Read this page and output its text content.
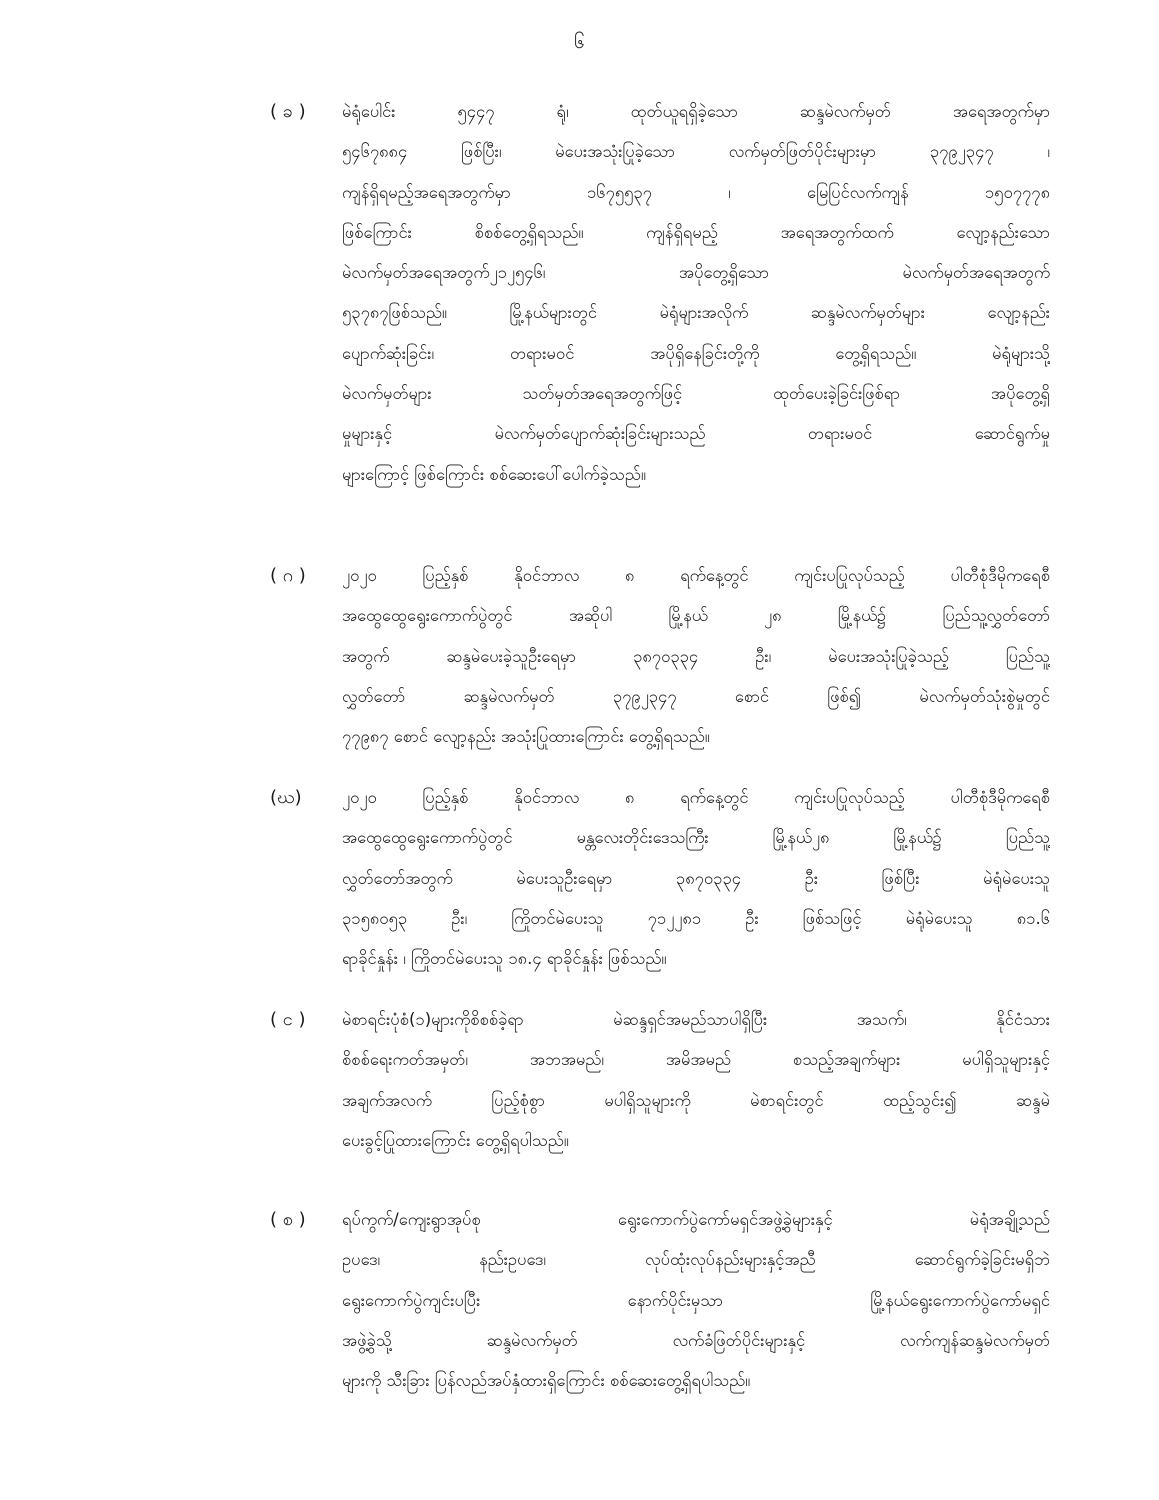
၆
( ခ )	မဲရုံပေါင်း ၅၄၄၇ ရုံ၊ ထုတ်ယူရရှိခဲ့သော ဆန္ဒမဲလက်မှတ် အရေအတွက်မှာ
၅၄၆၇၈၈၄ ဖြစ်ပြီး၊ မဲပေးအသုံးပြုခဲ့သော လက်မှတ်ဖြတ်ပိုင်းများမှာ ၃၇၉၂၃၄၇ ၊
ကျန်ရှိရမည့်အရေအတွက်မှာ ၁၆၇၅၅၃၇ ၊ မြေပြင်လက်ကျန် ၁၅၀၇၇၇၈
ဖြစ်ကြောင်း စိစစ်တွေ့ရှိရသည်။ ကျန်ရှိရမည့် အရေအတွက်ထက် လျော့နည်းသော
မဲလက်မှတ်အရေအတွက်၂၁၂၅၄၆၊ အပိုတွေ့ရှိသော မဲလက်မှတ်အရေအတွက်
၅၃၇၈၇ဖြစ်သည်။ မြို့နယ်များတွင် မဲရုံများအလိုက် ဆန္ဒမဲလက်မှတ်များ လျော့နည်း
ပျောက်ဆုံးခြင်း၊ တရားမဝင် အပိုရှိနေခြင်းတို့ကို တွေ့ရှိရသည်။ မဲရုံများသို့
မဲလက်မှတ်များ သတ်မှတ်အရေအတွက်ဖြင့် ထုတ်ပေးခဲ့ခြင်းဖြစ်ရာ အပိုတွေ့ရှိ
မှုများနှင့် မဲလက်မှတ်ပျောက်ဆုံးခြင်းများသည် တရားမဝင် ဆောင်ရွက်မှု
များကြောင့် ဖြစ်ကြောင်း စစ်ဆေးပေါ်ပေါက်ခဲ့သည်။
( ဂ )	၂၀၂၀ ပြည့်နှစ် နိုဝင်ဘာလ ၈ ရက်နေ့တွင် ကျင်းပပြုလုပ်သည့် ပါတီစုံဒီမိုကရေစီ
အထွေထွေရွေးကောက်ပွဲတွင် အဆိုပါ မြို့နယ် ၂၈ မြို့နယ်၌ ပြည်သူ့လွှတ်တော်
အတွက် ဆန္ဒမဲပေးခဲ့သူဦးရေမှာ ၃၈၇၀၃၃၄ ဦး၊ မဲပေးအသုံးပြုခဲ့သည့် ပြည်သူ့
လွှတ်တော် ဆန္ဒမဲလက်မှတ် ၃၇၉၂၃၄၇ စောင် ဖြစ်၍ မဲလက်မှတ်သုံးစွဲမှုတွင်
၇၇၉၈၇ စောင် လျော့နည်း အသုံးပြုထားကြောင်း တွေ့ရှိရသည်။
(ဃ)	၂၀၂၀ ပြည့်နှစ် နိုဝင်ဘာလ ၈ ရက်နေ့တွင် ကျင်းပပြုလုပ်သည့် ပါတီစုံဒီမိုကရေစီ
အထွေထွေရွေးကောက်ပွဲတွင် မန္တလေးတိုင်းဒေသကြီး မြို့နယ်၂၈ မြို့နယ်၌ ပြည်သူ့
လွှတ်တော်အတွက် မဲပေးသူဦးရေမှာ ၃၈၇၀၃၃၄ ဦး ဖြစ်ပြီး မဲရုံမဲပေးသူ
၃၁၅၈၀၅၃ ဦး၊ ကြိုတင်မဲပေးသူ ၇၁၂၂၈၁ ဦး ဖြစ်သဖြင့် မဲရုံမဲပေးသူ ၈၁.၆
ရာခိုင်နှုန်း ၊ ကြိုတင်မဲပေးသူ ၁၈.၄ ရာခိုင်နှုန်း ဖြစ်သည်။
( င )	မဲစာရင်းပုံစံ(၁)များကိုစိစစ်ခဲ့ရာ မဲဆန္ဒရှင်အမည်သာပါရှိပြီး အသက်၊ နိုင်ငံသား
စိစစ်ရေးကတ်အမှတ်၊ အဘအမည်၊ အမိအမည် စသည့်အချက်များ မပါရှိသူများနှင့်
အချက်အလက် ပြည့်စုံစွာ မပါရှိသူများကို မဲစာရင်းတွင် ထည့်သွင်း၍ ဆန္ဒမဲ
ပေးခွင့်ပြုထားကြောင်း တွေ့ရှိရပါသည်။
( စ )	ရပ်ကွက်/ကျေးရွာအုပ်စု ရွေးကောက်ပွဲကော်မရှင်အဖွဲ့ခွဲများနှင့် မဲရုံအချို့သည်
ဥပဒေ၊ နည်းဥပဒေ၊ လုပ်ထုံးလုပ်နည်းများနှင့်အညီ ဆောင်ရွက်ခဲ့ခြင်းမရှိဘဲ
ရွေးကောက်ပွဲကျင်းပပြီး နောက်ပိုင်းမှသာ မြို့နယ်ရွေးကောက်ပွဲကော်မရှင်
အဖွဲ့ခွဲသို့ ဆန္ဒမဲလက်မှတ် လက်ခံဖြတ်ပိုင်းများနှင့် လက်ကျန်ဆန္ဒမဲလက်မှတ်
များကို သီးခြား ပြန်လည်အပ်နှံထားရှိကြောင်း စစ်ဆေးတွေ့ရှိရပါသည်။
